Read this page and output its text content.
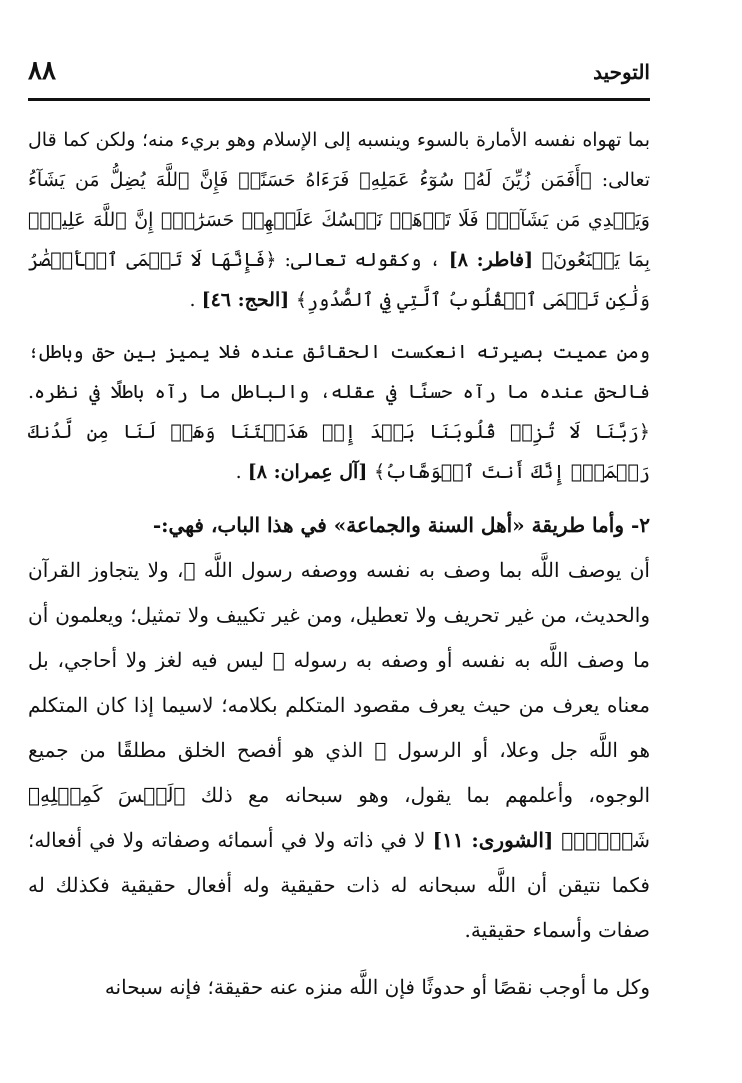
التوحيد
٨٨

بما تهواه نفسه الأمارة بالسوء وينسبه إلى الإسلام وهو بريء منه؛ ولكن كما قال تعالى: ﴿أَفَمَن زُيِّنَ لَهُۥ سُوٓءُ عَمَلِهِۦ فَرَءَاهُ حَسَنًاۖ فَإِنَّ ٱللَّهَ يُضِلُّ مَن يَشَآءُ وَيَهۡدِي مَن يَشَآءُۖ فَلَا تَذۡهَبۡ نَفۡسُكَ عَلَيۡهِمۡ حَسَرَٰتٍۚ إِنَّ ٱللَّهَ عَلِيمُۢ بِمَا يَصۡنَعُونَ﴾ [فاطر: ٨] ، وكقوله تعالى: ﴿فَإِنَّهَا لَا تَعۡمَى ٱلۡأَبۡصَٰرُ وَلَٰكِن تَعۡمَى ٱلۡقُلُوبُ ٱلَّتِي فِي ٱلصُّدُورِ﴾ [الحج: ٤٦] .

ومن عميت بصيرته انعكست الحقائق عنده فلا يميز بين حق وباطل؛ فالحق عنده ما رآه حسنًا في عقله، والباطل ما رآه باطلًا في نظره. ﴿رَبَّنَا لَا تُزِغۡ قُلُوبَنَا بَعۡدَ إِذۡ هَدَيۡتَنَا وَهَبۡ لَنَا مِن لَّدُنكَ رَحۡمَةًۚ إِنَّكَ أَنتَ ٱلۡوَهَّابُ﴾ [آل عِمران: ٨] .

٢- وأما طريقة «أهل السنة والجماعة» في هذا الباب، فهي:-

أن يوصف اللَّه بما وصف به نفسه ووصفه رسول اللَّه ﷺ، ولا يتجاوز القرآن والحديث، من غير تحريف ولا تعطيل، ومن غير تكييف ولا تمثيل؛ ويعلمون أن ما وصف اللَّه به نفسه أو وصفه به رسوله ﷺ ليس فيه لغز ولا أحاجي، بل معناه يعرف من حيث يعرف مقصود المتكلم بكلامه؛ لاسيما إذا كان المتكلم هو اللَّه جل وعلا، أو الرسول ﷺ الذي هو أفصح الخلق مطلقًا من جميع الوجوه، وأعلمهم بما يقول، وهو سبحانه مع ذلك ﴿لَيۡسَ كَمِثۡلِهِۦ شَيۡءٞۖ﴾ [الشورى: ١١] لا في ذاته ولا في أسمائه وصفاته ولا في أفعاله؛ فكما نتيقن أن اللَّه سبحانه له ذات حقيقية وله أفعال حقيقية فكذلك له صفات وأسماء حقيقية.

وكل ما أوجب نقصًا أو حدوثًا فإن اللَّه منزه عنه حقيقة؛ فإنه سبحانه
